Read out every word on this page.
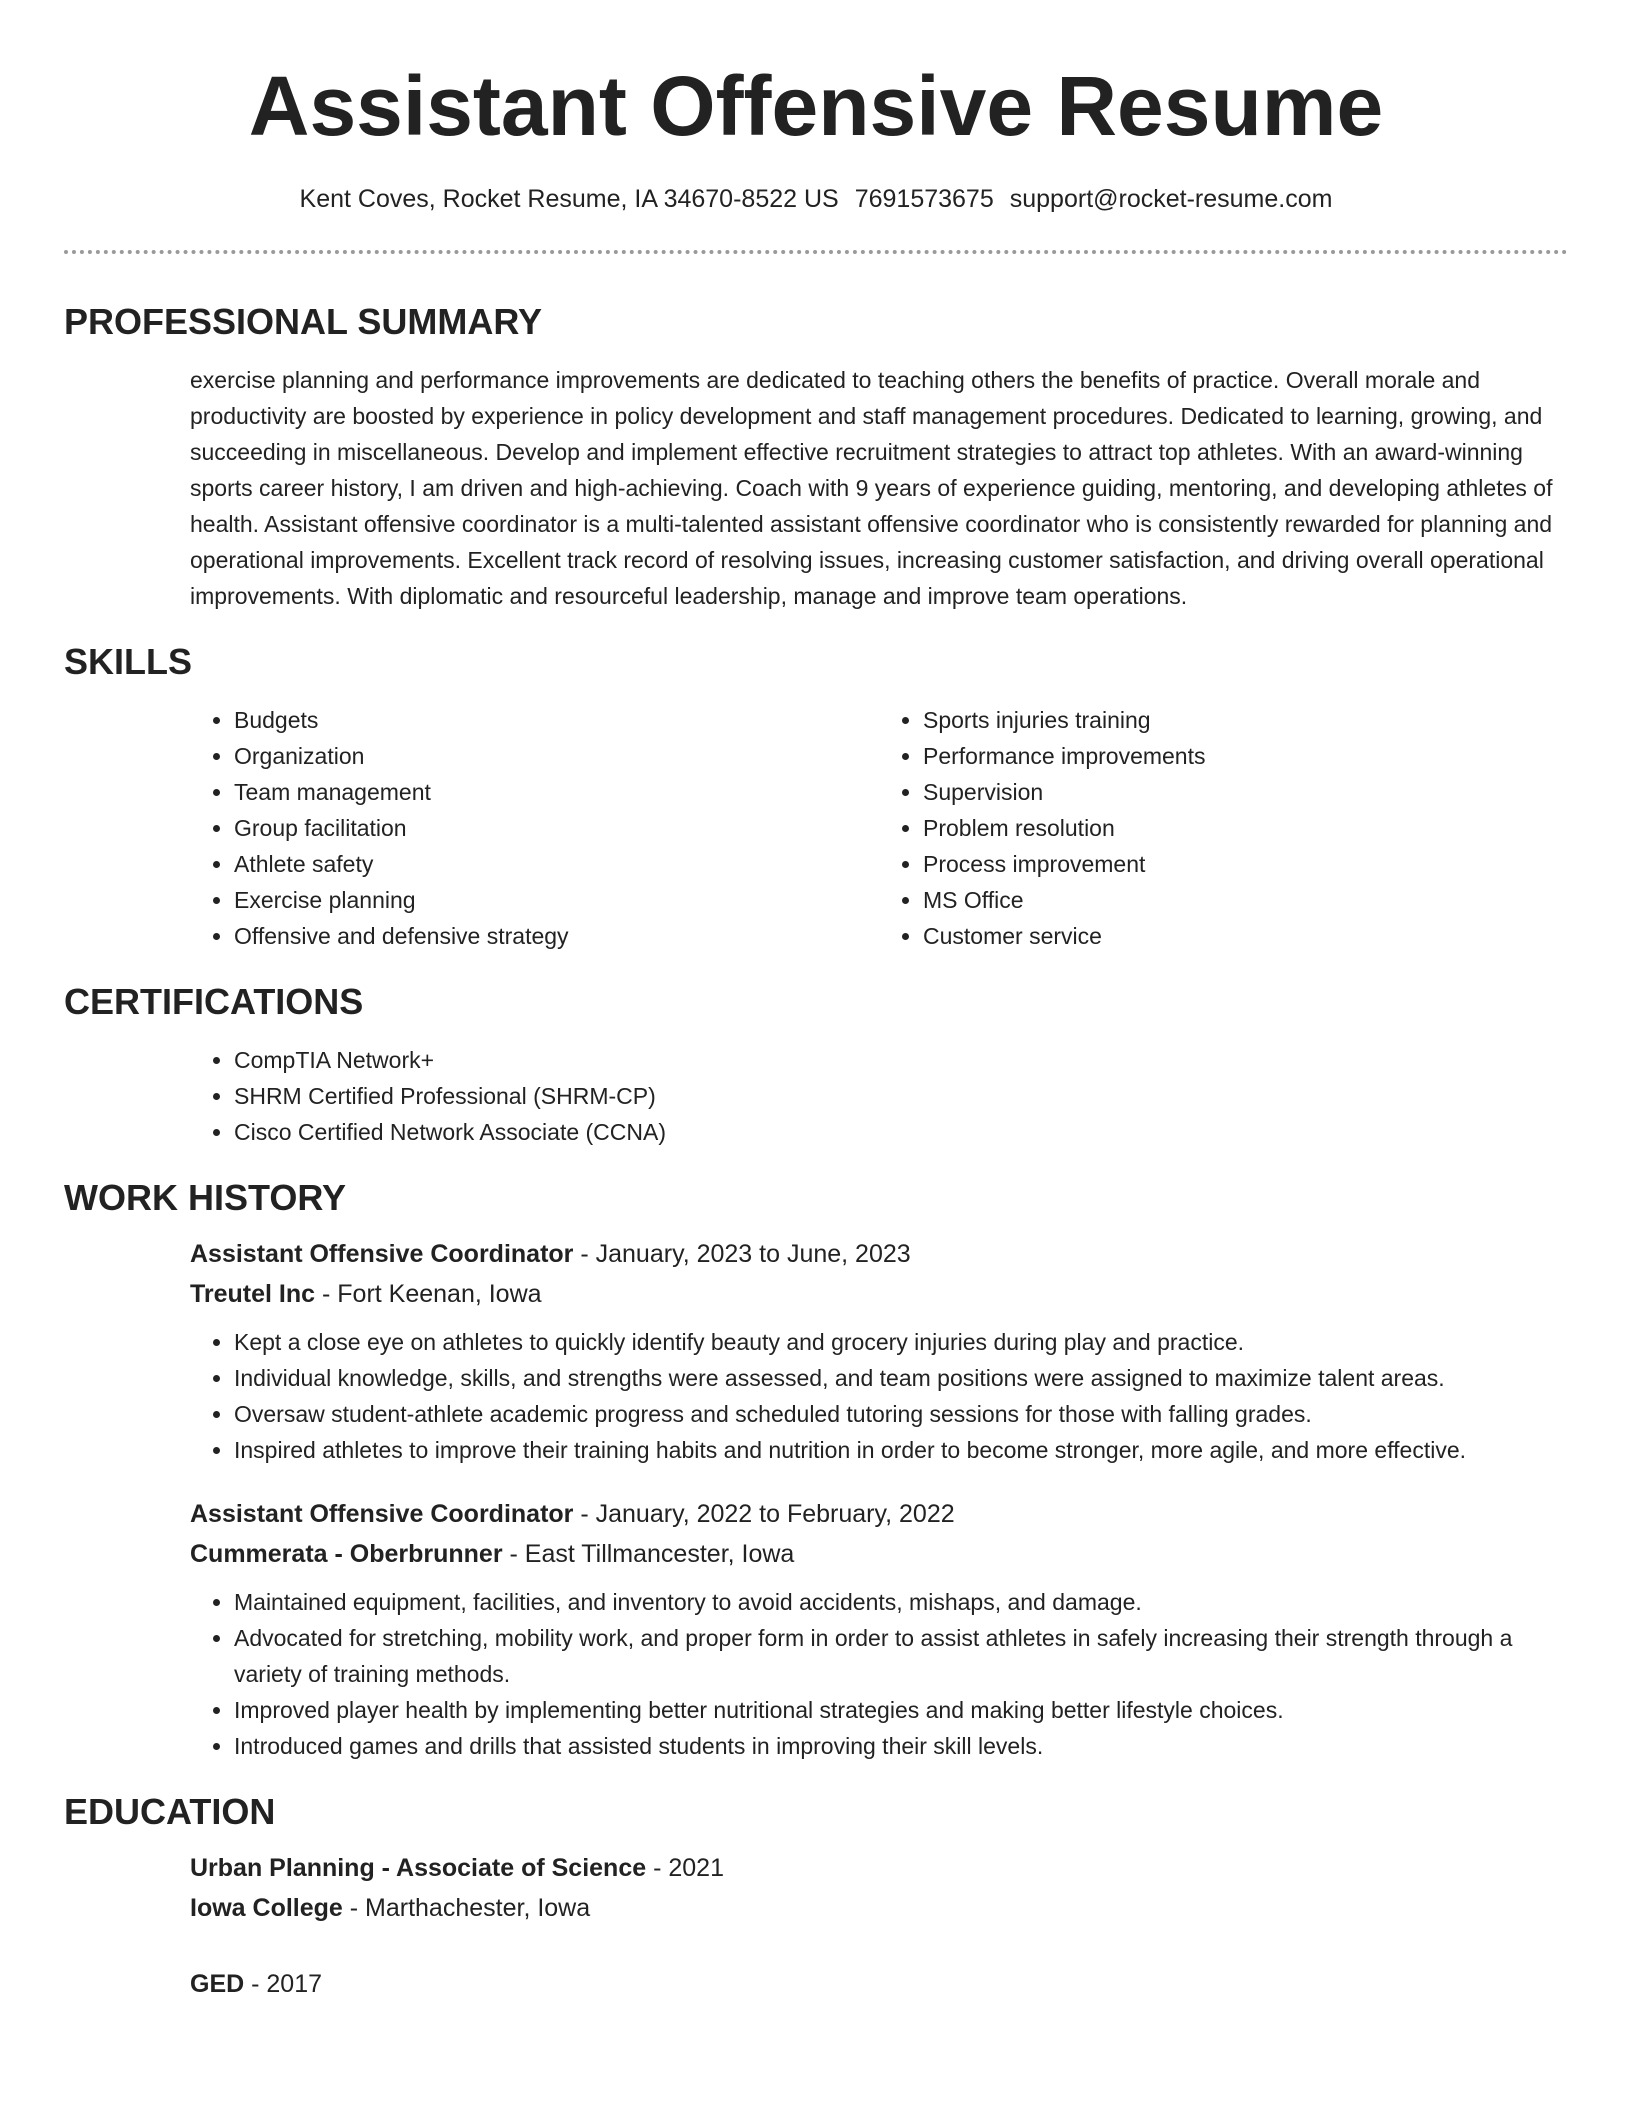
Assistant Offensive Resume
Kent Coves, Rocket Resume, IA 34670-8522 US 7691573675 support@rocket-resume.com
PROFESSIONAL SUMMARY
exercise planning and performance improvements are dedicated to teaching others the benefits of practice. Overall morale and productivity are boosted by experience in policy development and staff management procedures. Dedicated to learning, growing, and succeeding in miscellaneous. Develop and implement effective recruitment strategies to attract top athletes. With an award-winning sports career history, I am driven and high-achieving. Coach with 9 years of experience guiding, mentoring, and developing athletes of health. Assistant offensive coordinator is a multi-talented assistant offensive coordinator who is consistently rewarded for planning and operational improvements. Excellent track record of resolving issues, increasing customer satisfaction, and driving overall operational improvements. With diplomatic and resourceful leadership, manage and improve team operations.
SKILLS
• Budgets
• Organization
• Team management
• Group facilitation
• Athlete safety
• Exercise planning
• Offensive and defensive strategy
• Sports injuries training
• Performance improvements
• Supervision
• Problem resolution
• Process improvement
• MS Office
• Customer service
CERTIFICATIONS
• CompTIA Network+
• SHRM Certified Professional (SHRM-CP)
• Cisco Certified Network Associate (CCNA)
WORK HISTORY
Assistant Offensive Coordinator - January, 2023 to June, 2023
Treutel Inc - Fort Keenan, Iowa
• Kept a close eye on athletes to quickly identify beauty and grocery injuries during play and practice.
• Individual knowledge, skills, and strengths were assessed, and team positions were assigned to maximize talent areas.
• Oversaw student-athlete academic progress and scheduled tutoring sessions for those with falling grades.
• Inspired athletes to improve their training habits and nutrition in order to become stronger, more agile, and more effective.
Assistant Offensive Coordinator - January, 2022 to February, 2022
Cummerata - Oberbrunner - East Tillmancester, Iowa
• Maintained equipment, facilities, and inventory to avoid accidents, mishaps, and damage.
• Advocated for stretching, mobility work, and proper form in order to assist athletes in safely increasing their strength through a variety of training methods.
• Improved player health by implementing better nutritional strategies and making better lifestyle choices.
• Introduced games and drills that assisted students in improving their skill levels.
EDUCATION
Urban Planning - Associate of Science - 2021
Iowa College - Marthachester, Iowa
GED - 2017
